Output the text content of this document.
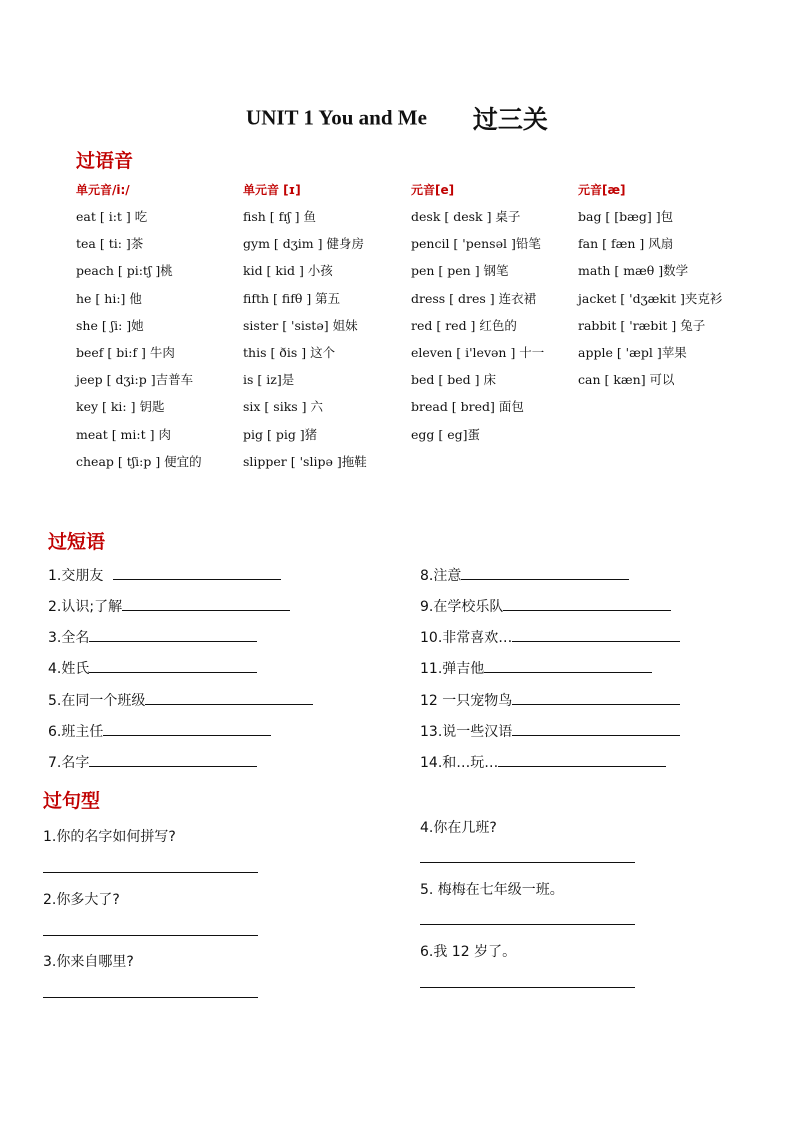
UNIT 1 You and Me 过三关
过语音
单元音/i:/
eat [ i:t ] 吃
tea [ ti: ]茶
peach [ pi:tʃ ]桃
he [ hi:] 他
she [ ʃi: ]她
beef [ bi:f ] 牛肉
jeep [ dʒi:p ]吉普车
key [ ki: ] 钥匙
meat [ mi:t ] 肉
cheap [ tʃi:p ] 便宜的
单元音 [ɪ]
fish [ fɪʃ ] 鱼
gym [ dʒim ] 健身房
kid [ kid ] 小孩
fifth [ fifθ ] 第五
sister [ 'sistə] 姐妹
this [ ðis ] 这个
is [ iz]是
six [ siks ] 六
pig [ pig ]猪
slipper [ 'slipə ]拖鞋
元音[e]
desk [ desk ] 桌子
pencil [ 'pensəl ]铅笔
pen [ pen ] 钢笔
dress [ dres ] 连衣裙
red [ red ] 红色的
eleven [ i'levən ] 十一
bed [ bed ] 床
bread [ bred] 面包
egg [ eg]蛋
元音[æ]
bag [ [bæg] ]包
fan [ fæn ] 风扇
math [ mæθ ]数学
jacket [ 'dʒækit ]夹克衫
rabbit [ 'ræbit ] 兔子
apple [ 'æpl ]苹果
can [ kæn] 可以
过短语
1.交朋友
2.认识;了解
3.全名
4.姓氏
5.在同一个班级
6.班主任
7.名字
8.注意
9.在学校乐队
10.非常喜欢…
11.弹吉他
12 一只宠物鸟
13.说一些汉语
14.和…玩…
过句型
1.你的名字如何拼写?
2.你多大了?
3.你来自哪里?
4.你在几班?
5. 梅梅在七年级一班。
6.我 12 岁了。
